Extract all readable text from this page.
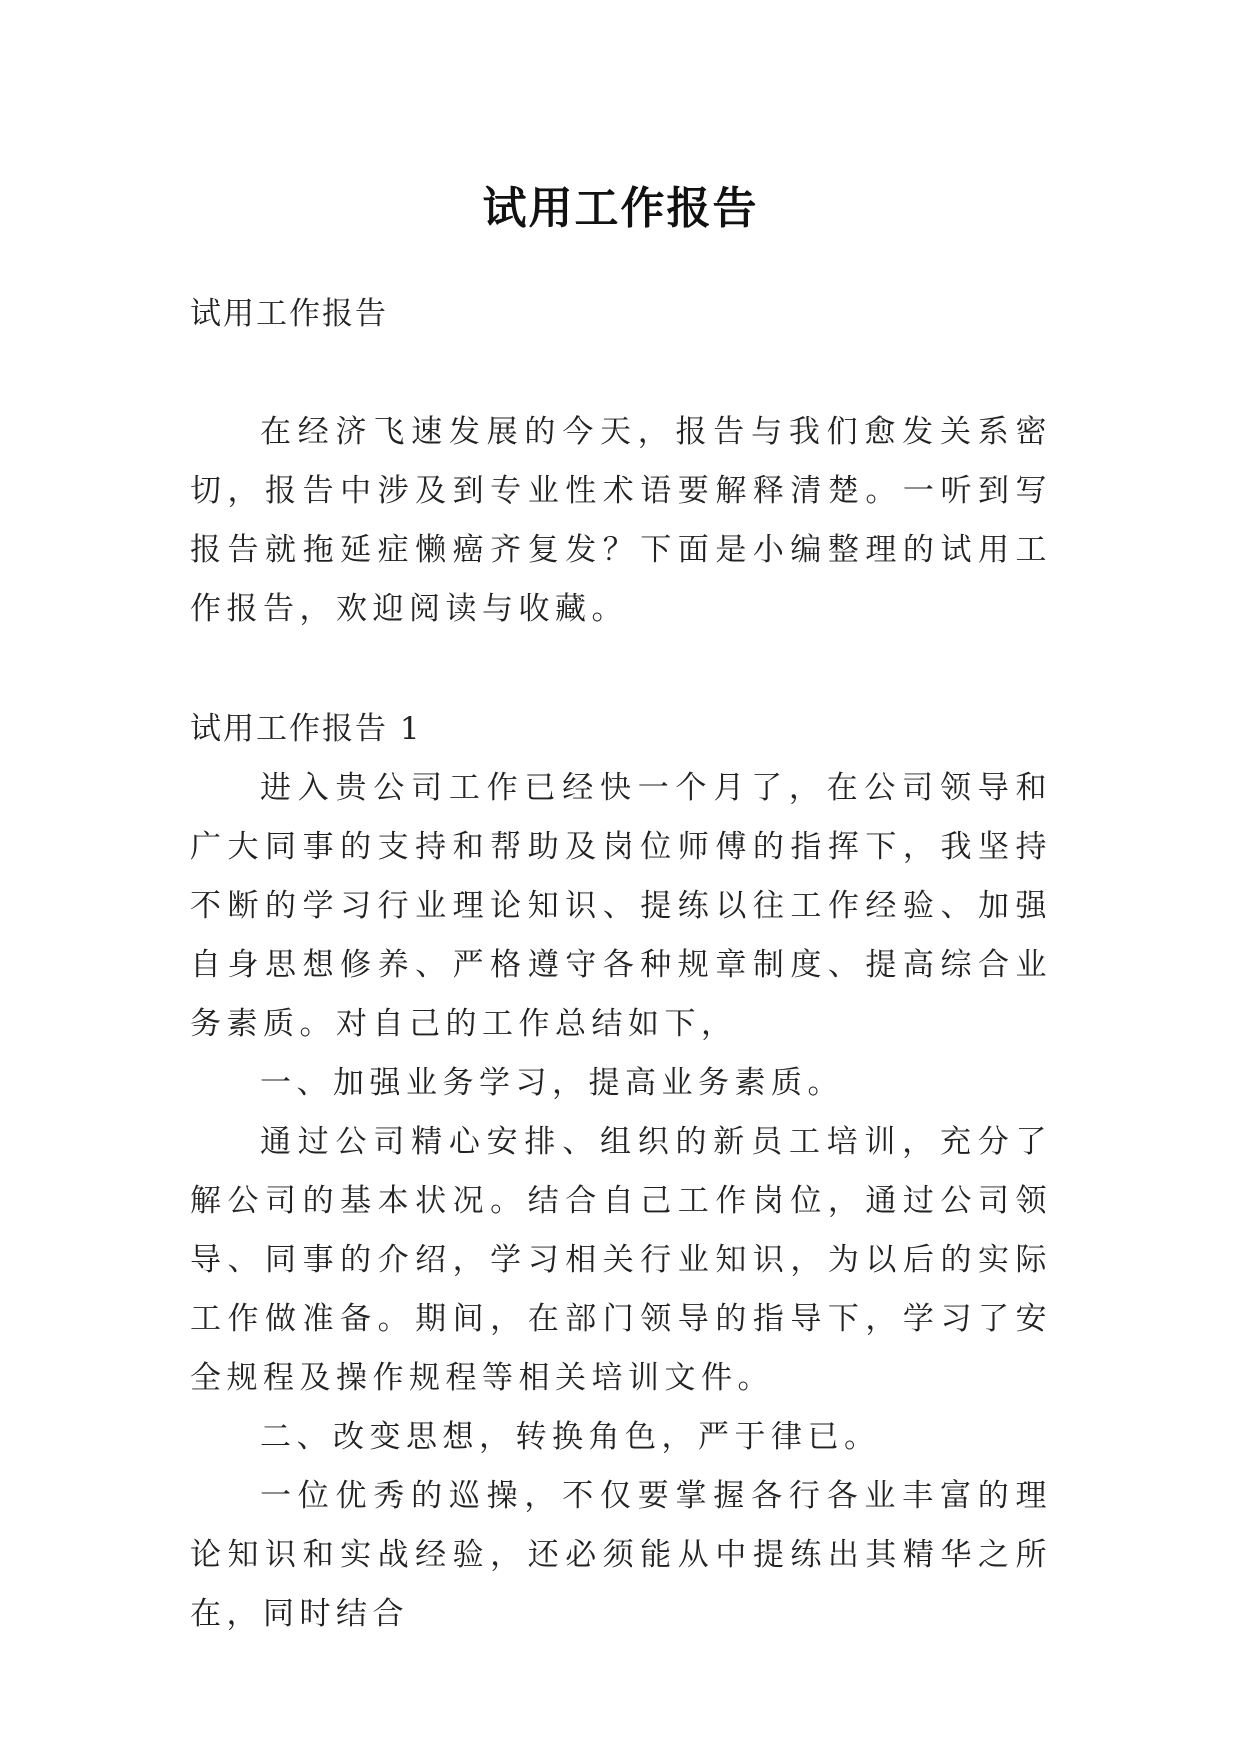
试用工作报告
试用工作报告

在经济飞速发展的今天，报告与我们愈发关系密切，报告中涉及到专业性术语要解释清楚。一听到写报告就拖延症懒癌齐复发？下面是小编整理的试用工作报告，欢迎阅读与收藏。

试用工作报告 1

进入贵公司工作已经快一个月了，在公司领导和广大同事的支持和帮助及岗位师傅的指挥下，我坚持不断的学习行业理论知识、提练以往工作经验、加强自身思想修养、严格遵守各种规章制度、提高综合业务素质。对自己的工作总结如下，

一、加强业务学习，提高业务素质。

通过公司精心安排、组织的新员工培训，充分了解公司的基本状况。结合自己工作岗位，通过公司领导、同事的介绍，学习相关行业知识，为以后的实际工作做准备。期间，在部门领导的指导下，学习了安全规程及操作规程等相关培训文件。

二、改变思想，转换角色，严于律已。

一位优秀的巡操，不仅要掌握各行各业丰富的理论知识和实战经验，还必须能从中提练出其精华之所在，同时结合
